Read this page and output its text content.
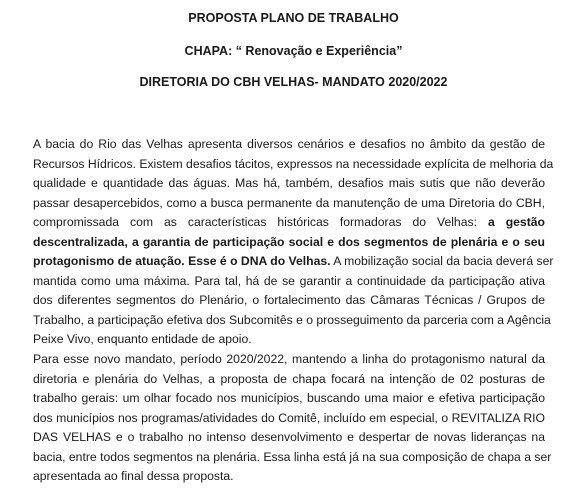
PROPOSTA PLANO DE TRABALHO
CHAPA: “ Renovação e Experiência”
DIRETORIA DO CBH VELHAS- MANDATO 2020/2022
A bacia do Rio das Velhas apresenta diversos cenários e desafios no âmbito da gestão de
Recursos Hídricos. Existem desafios tácitos, expressos na necessidade explícita de melhoria da
qualidade e quantidade das águas. Mas há, também, desafios mais sutis que não deverão
passar desapercebidos, como a busca permanente da manutenção de uma Diretoria do CBH,
compromissada com as características históricas formadoras do Velhas: a gestão
descentralizada, a garantia de participação social e dos segmentos de plenária e o seu
protagonismo de atuação. Esse é o DNA do Velhas. A mobilização social da bacia deverá ser
mantida como uma máxima. Para tal, há de se garantir a continuidade da participação ativa
dos diferentes segmentos do Plenário, o fortalecimento das Câmaras Técnicas / Grupos de
Trabalho, a participação efetiva dos Subcomitês e o prosseguimento da parceria com a Agência
Peixe Vivo, enquanto entidade de apoio.
Para esse novo mandato, período 2020/2022, mantendo a linha do protagonismo natural da
diretoria e plenária do Velhas, a proposta de chapa focará na intenção de 02 posturas de
trabalho gerais: um olhar focado nos municípios, buscando uma maior e efetiva participação
dos municípios nos programas/atividades do Comitê, incluído em especial, o REVITALIZA RIO
DAS VELHAS e o trabalho no intenso desenvolvimento e despertar de novas lideranças na
bacia, entre todos segmentos na plenária. Essa linha está já na sua composição de chapa a ser
apresentada ao final dessa proposta.
